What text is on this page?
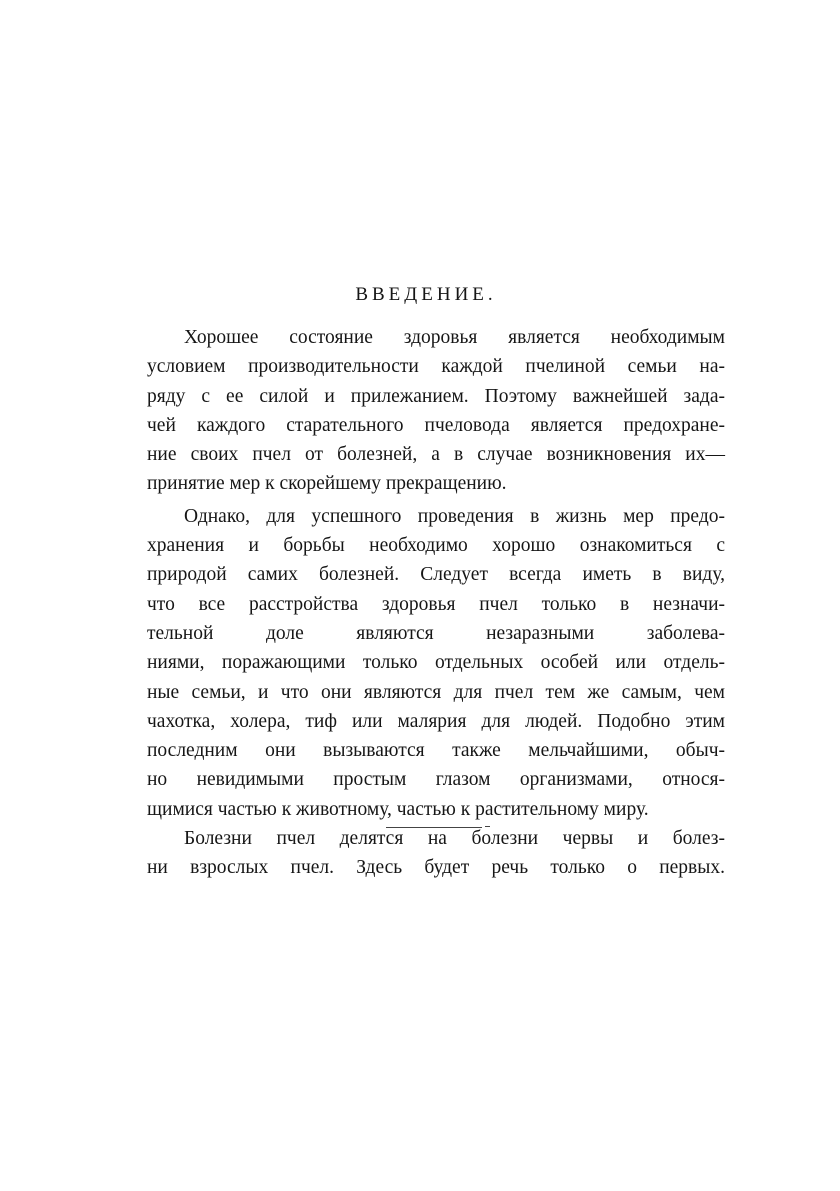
ВВЕДЕНИЕ.
Хорошее состояние здоровья является необходимым
условием производительности каждой пчелиной семьи на-
ряду с ее силой и прилежанием. Поэтому важнейшей зада-
чей каждого старательного пчеловода является предохране-
ние своих пчел от болезней, а в случае возникновения их—
принятие мер к скорейшему прекращению.
Однако, для успешного проведения в жизнь мер предо-
хранения и борьбы необходимо хорошо ознакомиться с
природой самих болезней. Следует всегда иметь в виду,
что все расстройства здоровья пчел только в незначи-
тельной доле являются незаразными заболева-
ниями, поражающими только отдельных особей или отдель-
ные семьи, и что они являются для пчел тем же самым, чем
чахотка, холера, тиф или малярия для людей. Подобно этим
последним они вызываются также мельчайшими, обыч-
но невидимыми простым глазом организмами, относя-
щимися частью к животному, частью к растительному миру.
Болезни пчел делятся на болезни червы и болез-
ни взрослых пчел. Здесь будет речь только о первых.
